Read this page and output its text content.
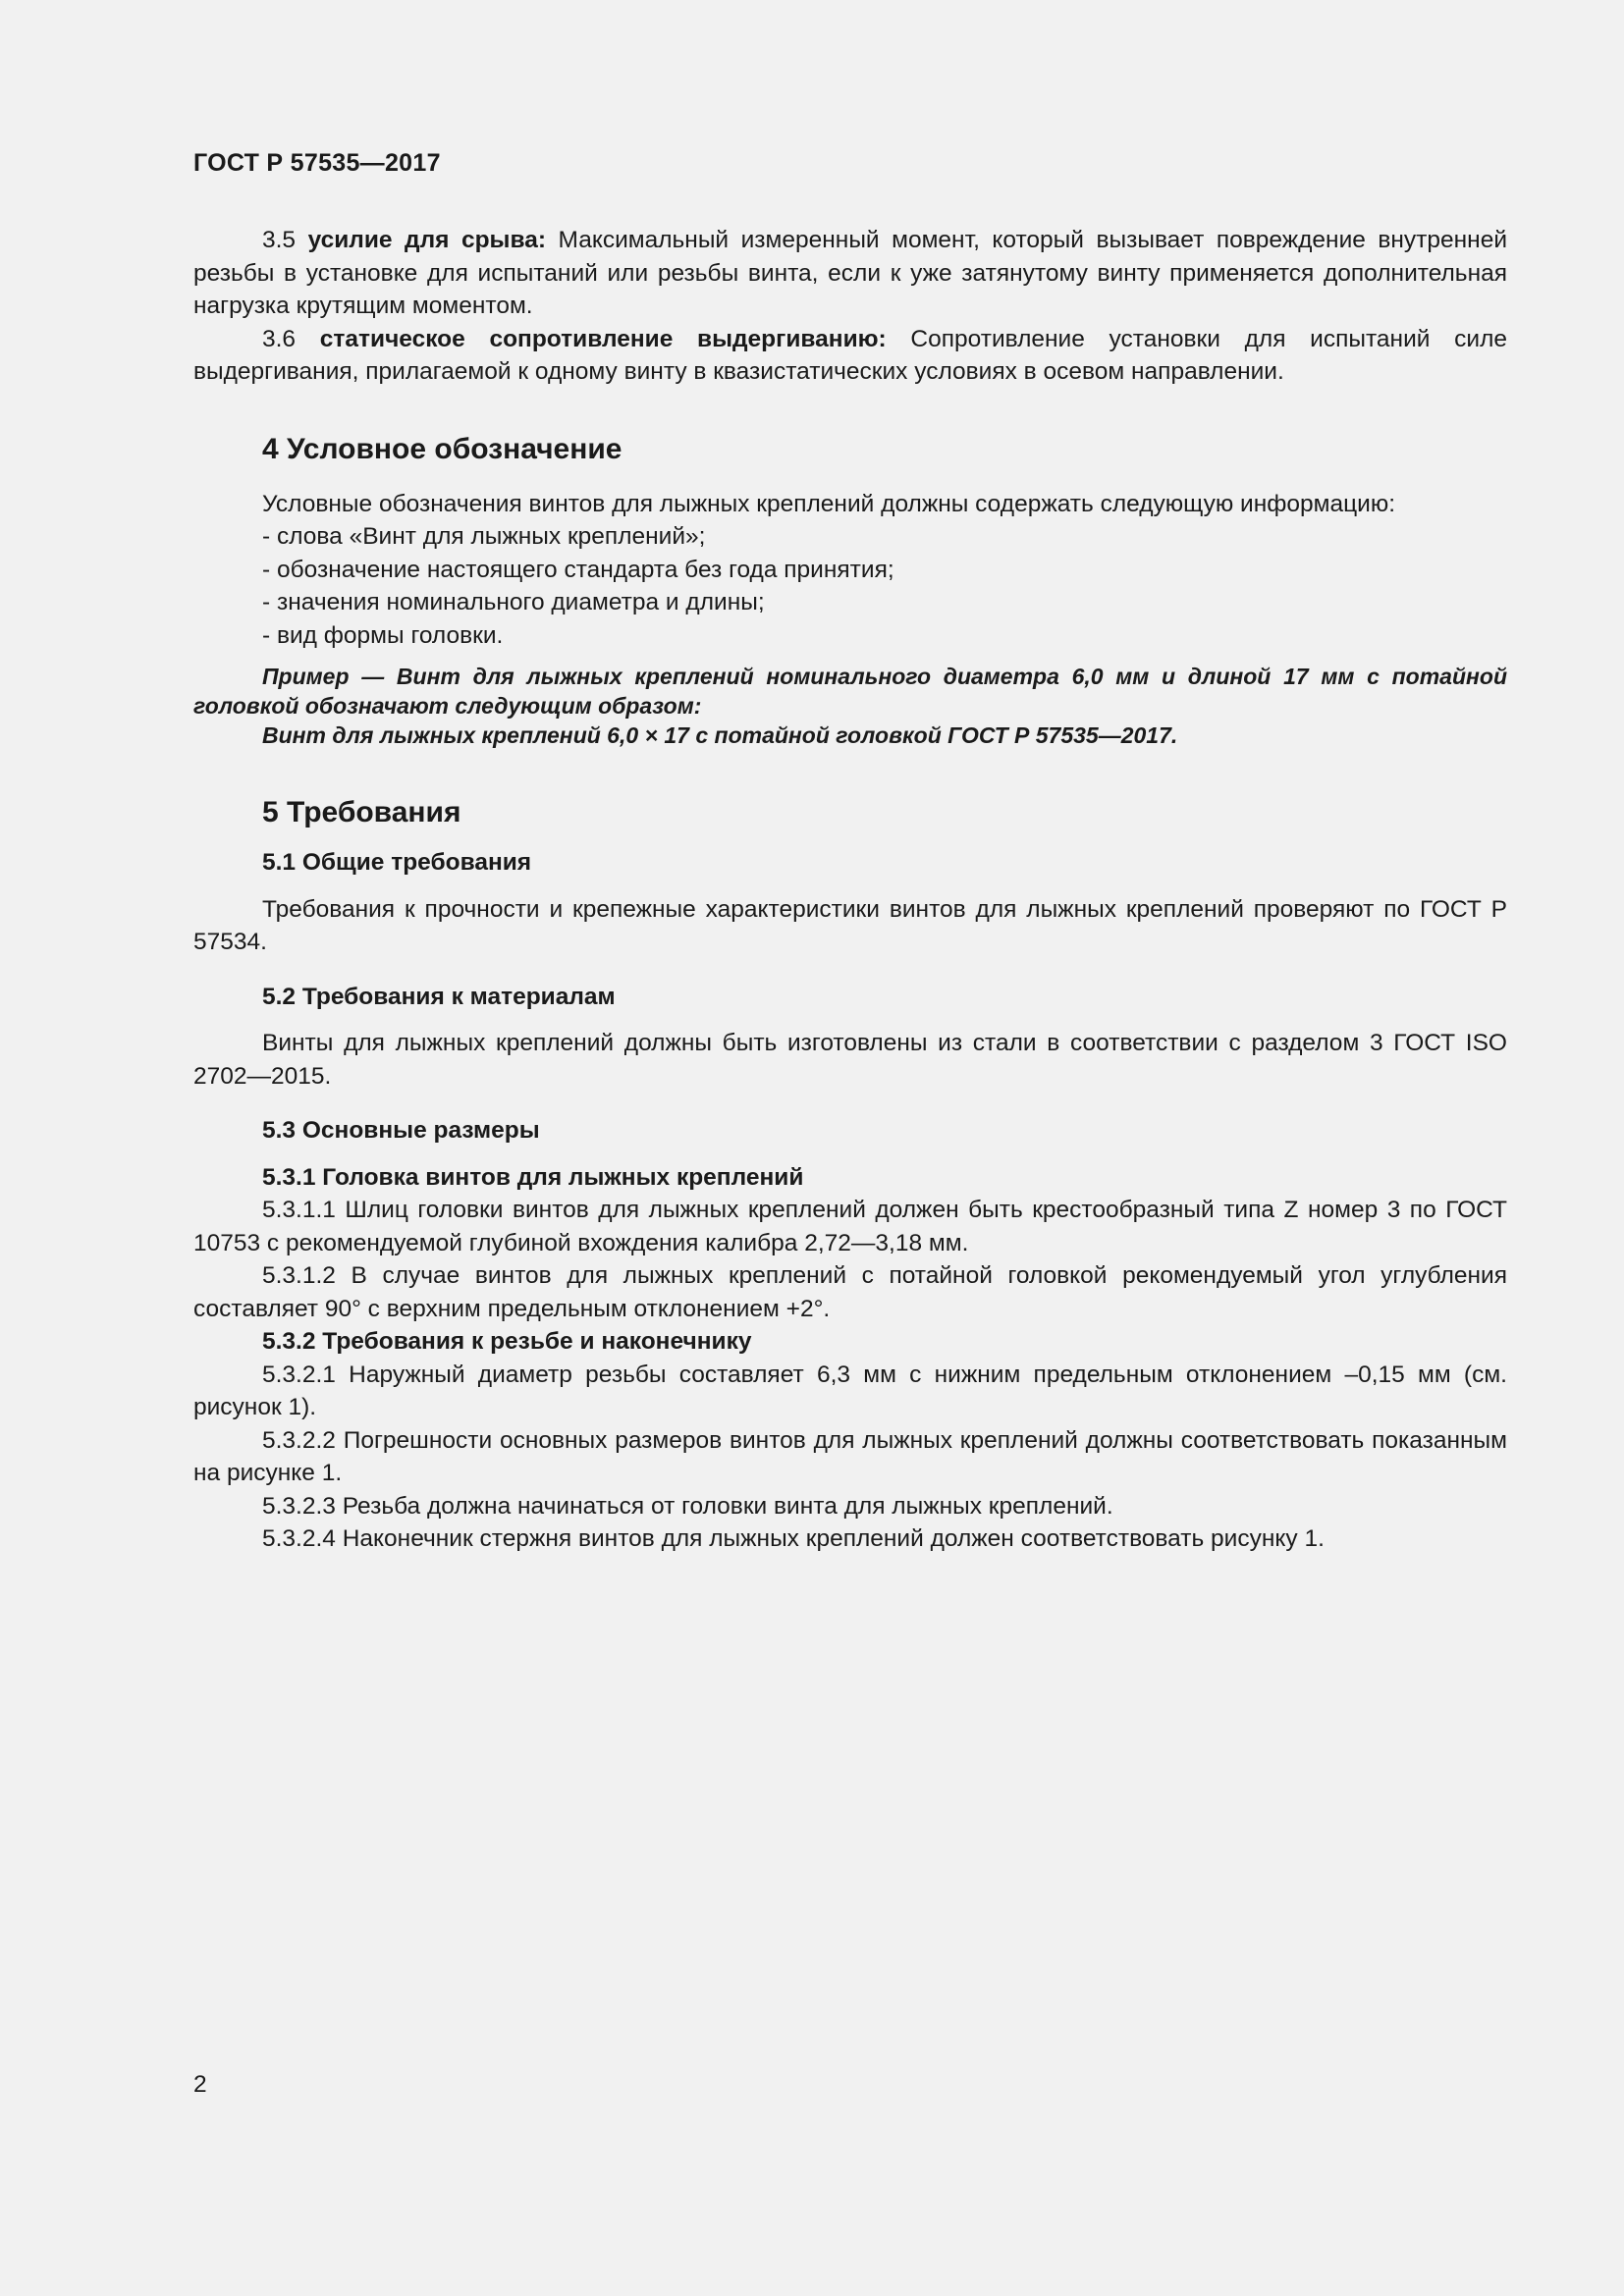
ГОСТ Р 57535—2017

3.5 усилие для срыва: Максимальный измеренный момент, который вызывает повреждение внутренней резьбы в установке для испытаний или резьбы винта, если к уже затянутому винту применяется дополнительная нагрузка крутящим моментом.

3.6 статическое сопротивление выдергиванию: Сопротивление установки для испытаний силе выдергивания, прилагаемой к одному винту в квазистатических условиях в осевом направлении.

4 Условное обозначение

Условные обозначения винтов для лыжных креплений должны содержать следующую информацию:

- слова «Винт для лыжных креплений»;

- обозначение настоящего стандарта без года принятия;

- значения номинального диаметра и длины;

- вид формы головки.

Пример — Винт для лыжных креплений номинального диаметра 6,0 мм и длиной 17 мм с потайной головкой обозначают следующим образом:

Винт для лыжных креплений 6,0 × 17 с потайной головкой ГОСТ Р 57535—2017.

5 Требования
5.1 Общие требования

Требования к прочности и крепежные характеристики винтов для лыжных креплений проверяют по ГОСТ Р 57534.

5.2 Требования к материалам

Винты для лыжных креплений должны быть изготовлены из стали в соответствии с разделом 3 ГОСТ ISO 2702—2015.

5.3 Основные размеры
5.3.1 Головка винтов для лыжных креплений

5.3.1.1 Шлиц головки винтов для лыжных креплений должен быть крестообразный типа Z номер 3 по ГОСТ 10753 с рекомендуемой глубиной вхождения калибра 2,72—3,18 мм.

5.3.1.2 В случае винтов для лыжных креплений с потайной головкой рекомендуемый угол углубления составляет 90° с верхним предельным отклонением +2°.

5.3.2 Требования к резьбе и наконечнику

5.3.2.1 Наружный диаметр резьбы составляет 6,3 мм с нижним предельным отклонением –0,15 мм (см. рисунок 1).

5.3.2.2 Погрешности основных размеров винтов для лыжных креплений должны соответствовать показанным на рисунке 1.

5.3.2.3 Резьба должна начинаться от головки винта для лыжных креплений.

5.3.2.4 Наконечник стержня винтов для лыжных креплений должен соответствовать рисунку 1.

2
